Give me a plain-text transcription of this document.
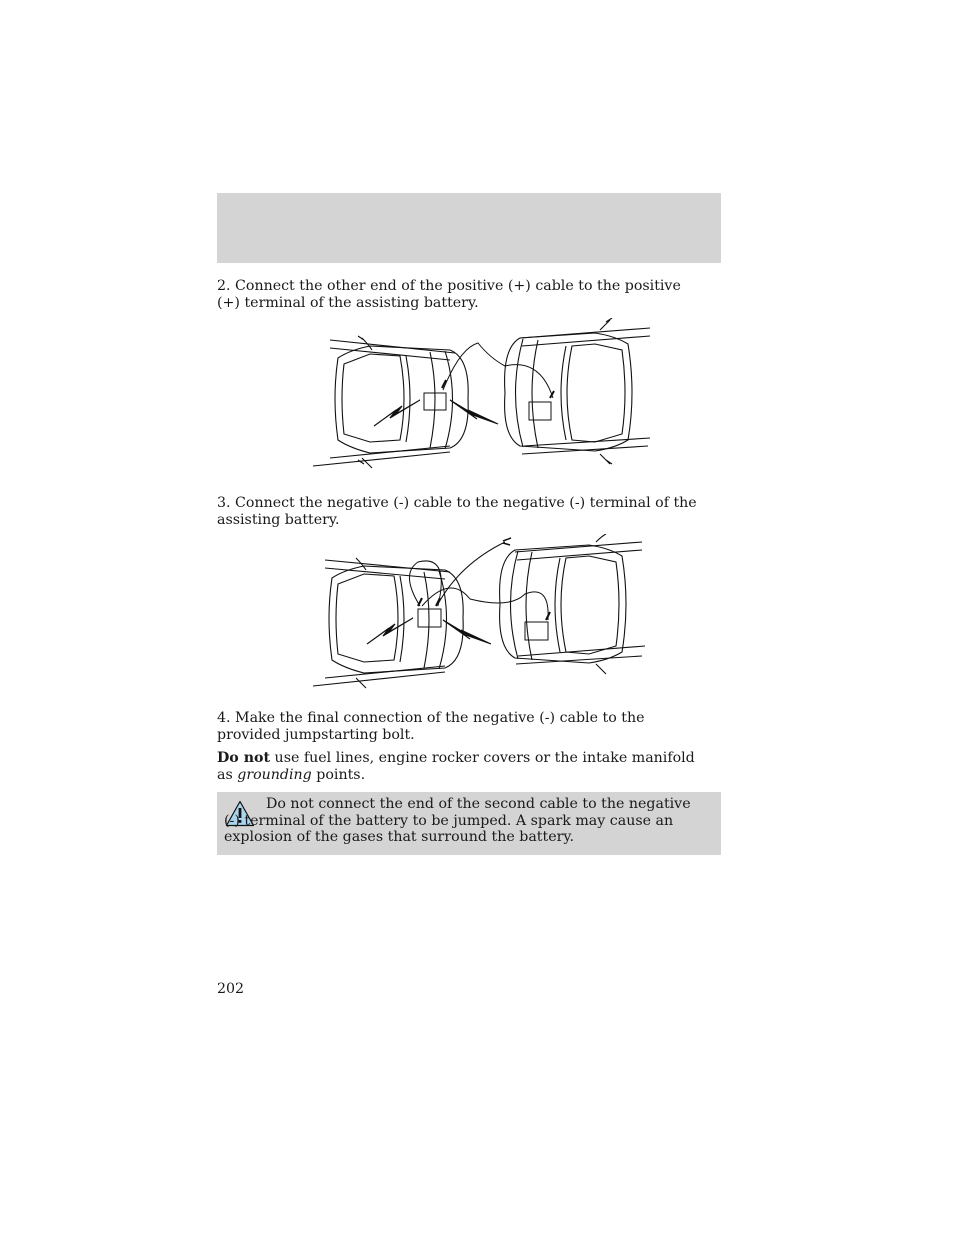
2. Connect the other end of the positive (+) cable to the positive (+) terminal of the assisting battery.

3. Connect the negative (-) cable to the negative (-) terminal of the assisting battery.

4. Make the final connection of the negative (-) cable to the provided jumpstarting bolt.

Do not use fuel lines, engine rocker covers or the intake manifold as grounding points.

Do not connect the end of the second cable to the negative (-) terminal of the battery to be jumped. A spark may cause an explosion of the gases that surround the battery.

202
